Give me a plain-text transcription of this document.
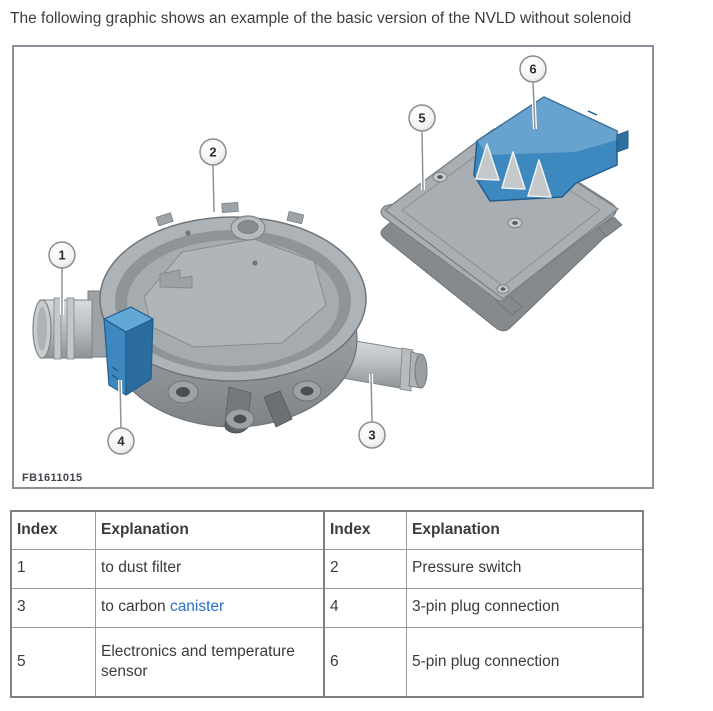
The following graphic shows an example of the basic version of the NVLD without solenoid
1
2
3
4
5
6
FB1611015
Index	Explanation	Index	Explanation
1	to dust filter	2	Pressure switch
3	to carbon canister	4	3-pin plug connection
5	Electronics and temperature sensor	6	5-pin plug connection
